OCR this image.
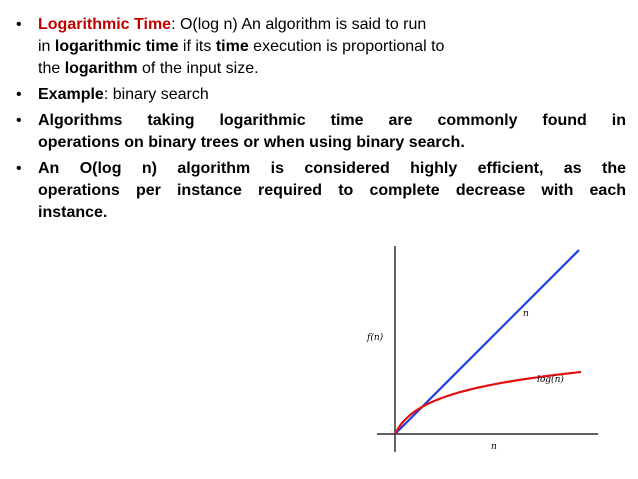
• Logarithmic Time: O(log n) An algorithm is said to run
in logarithmic time if its time execution is proportional to
the logarithm of the input size.
• Example: binary search
• Algorithms taking logarithmic time are commonly found in
operations on binary trees or when using binary search.
• An O(log n) algorithm is considered highly efficient, as the
operations per instance required to complete decrease with each
instance.
f(n)
n
n
log(n)
